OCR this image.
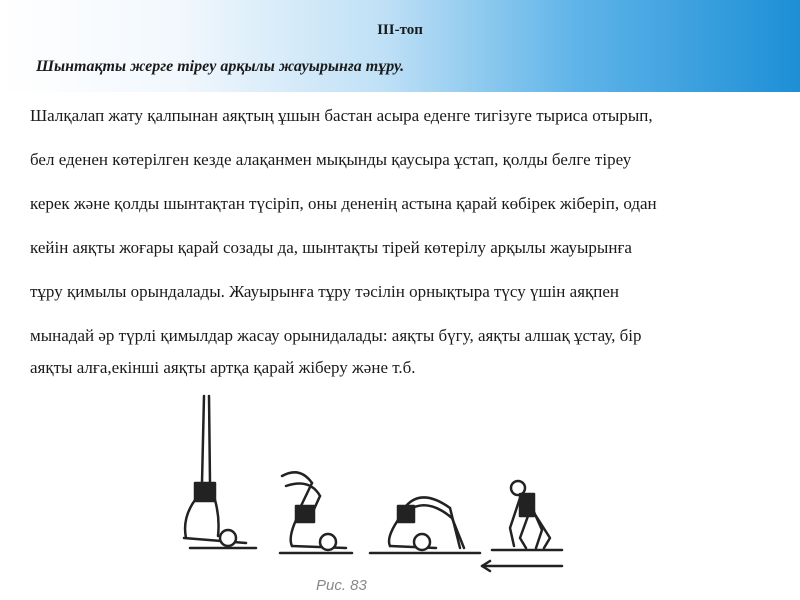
III-топ
Шынтақты жерге тіреу арқылы жауырынға тұру.
Шалқалап жату қалпынан аяқтың ұшын бастан асыра еденге тигізуге тыриса отырып,
бел еденен көтерілген кезде алақанмен мықынды қаусыра ұстап, қолды белге тіреу
керек және қолды шынтақтан түсіріп, оны дененің астына қарай көбірек жіберіп, одан
кейін аяқты жоғары қарай созады да, шынтақты тірей көтерілу арқылы жауырынға
тұру қимылы орындалады. Жауырынға тұру тәсілін орнықтыра түсу үшін аяқпен
мынадай әр түрлі қимылдар жасау орынидалады: аяқты бүгу, аяқты алшақ ұстау, бір
аяқты алға,екінші аяқты артқа қарай жіберу және т.б.
Рис. 83
